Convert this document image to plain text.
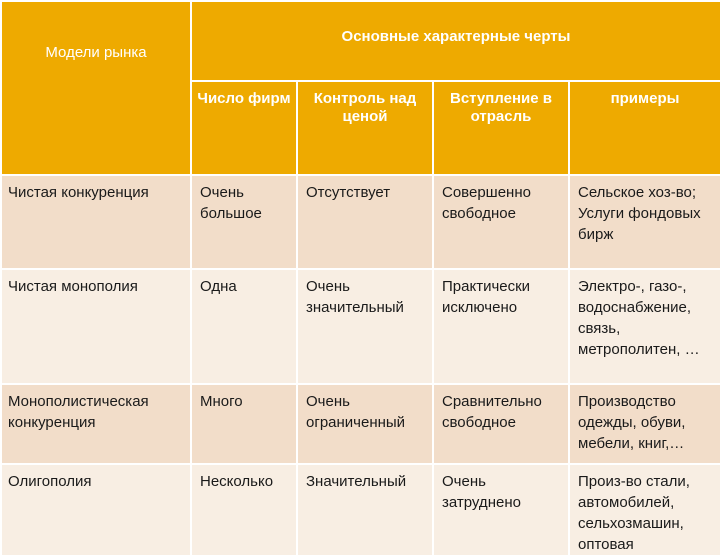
Модели рынка	Основные характерные черты			
	Число фирм	Контроль над ценой	Вступление в отрасль	примеры
Чистая конкуренция	Очень большое	Отсутствует	Совершенно свободное	Сельское хоз-во; Услуги фондовых бирж
Чистая монополия	Одна	Очень значительный	Практически исключено	Электро-, газо-, водоснабжение, связь, метрополитен, …
Монополистическая конкуренция	Много	Очень ограниченный	Сравнительно свободное	Производство одежды, обуви, мебели, книг,…
Олигополия	Несколько	Значительный	Очень затруднено	Произ-во стали, автомобилей, сельхозмашин, оптовая
